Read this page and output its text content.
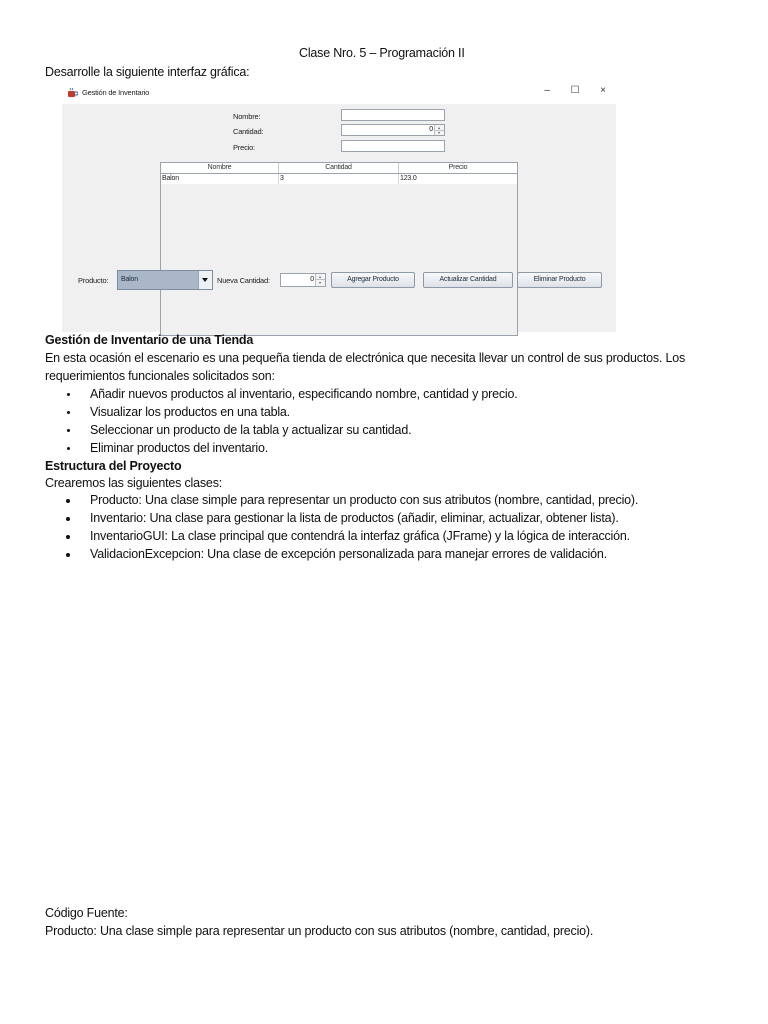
Clase Nro. 5 – Programación II
Desarrolle la siguiente interfaz gráfica:
Gestión de Inventario	–	☐	×
Nombre:
Cantidad:	0
Precio:
Nombre	Cantidad	Precio
Balon	3	123.0
Producto: Balon	Nueva Cantidad:	0	Agregar Producto	Actualizar Cantidad	Eliminar Producto
Gestión de Inventario de una Tienda
En esta ocasión el escenario es una pequeña tienda de electrónica que necesita llevar un control de sus productos. Los
requerimientos funcionales solicitados son:
Añadir nuevos productos al inventario, especificando nombre, cantidad y precio.
Visualizar los productos en una tabla.
Seleccionar un producto de la tabla y actualizar su cantidad.
Eliminar productos del inventario.
Estructura del Proyecto
Crearemos las siguientes clases:
Producto: Una clase simple para representar un producto con sus atributos (nombre, cantidad, precio).
Inventario: Una clase para gestionar la lista de productos (añadir, eliminar, actualizar, obtener lista).
InventarioGUI: La clase principal que contendrá la interfaz gráfica (JFrame) y la lógica de interacción.
ValidacionExcepcion: Una clase de excepción personalizada para manejar errores de validación.
Código Fuente:
Producto: Una clase simple para representar un producto con sus atributos (nombre, cantidad, precio).
